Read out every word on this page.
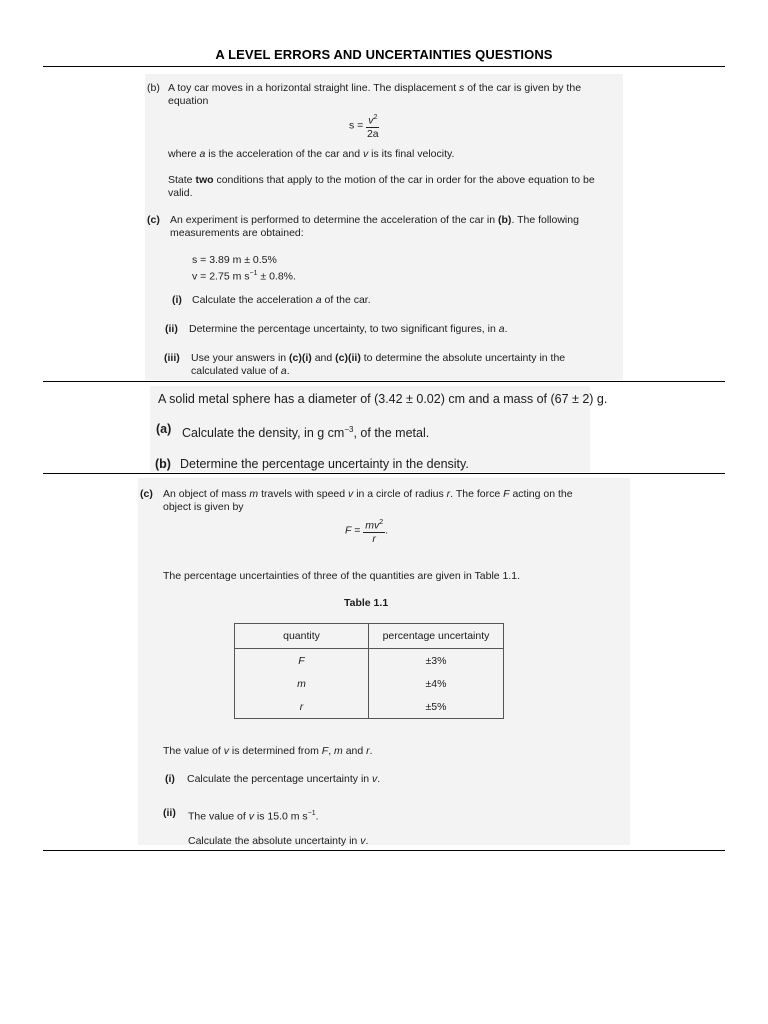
A LEVEL ERRORS AND UNCERTAINTIES QUESTIONS
(b) A toy car moves in a horizontal straight line. The displacement s of the car is given by the
equation
$s = \frac{v^2}{2a}$
where a is the acceleration of the car and v is its final velocity.
State two conditions that apply to the motion of the car in order for the above equation to be
valid.
(c) An experiment is performed to determine the acceleration of the car in (b). The following
measurements are obtained:
s = 3.89 m ± 0.5%
v = 2.75 m $s^{-1} \pm 0.8\%$.
(i) Calculate the acceleration a of the car.
(ii) Determine the percentage uncertainty, to two significant figures, in a.
(iii) Use your answers in (c)(i) and (c)(ii) to determine the absolute uncertainty in the
calculated value of a.
A solid metal sphere has a diameter of (3.42 ± 0.02) cm and a mass of (67 ± 2) g.
(a) Calculate the density, in g $cm^{-3}$, of the metal.
(b) Determine the percentage uncertainty in the density.
(c) An object of mass m travels with speed v in a circle of radius r. The force F acting on the
object is given by
$F = \frac{mv^2}{r}$ .
The percentage uncertainties of three of the quantities are given in Table 1.1.
Table 1.1
quantity	percentage uncertainty
F	±3%
m	±4%
r	±5%
The value of v is determined from F, m and r.
(i) Calculate the percentage uncertainty in v.
(ii) The value of v is 15.0 m $s^{-1}$.
Calculate the absolute uncertainty in v.
